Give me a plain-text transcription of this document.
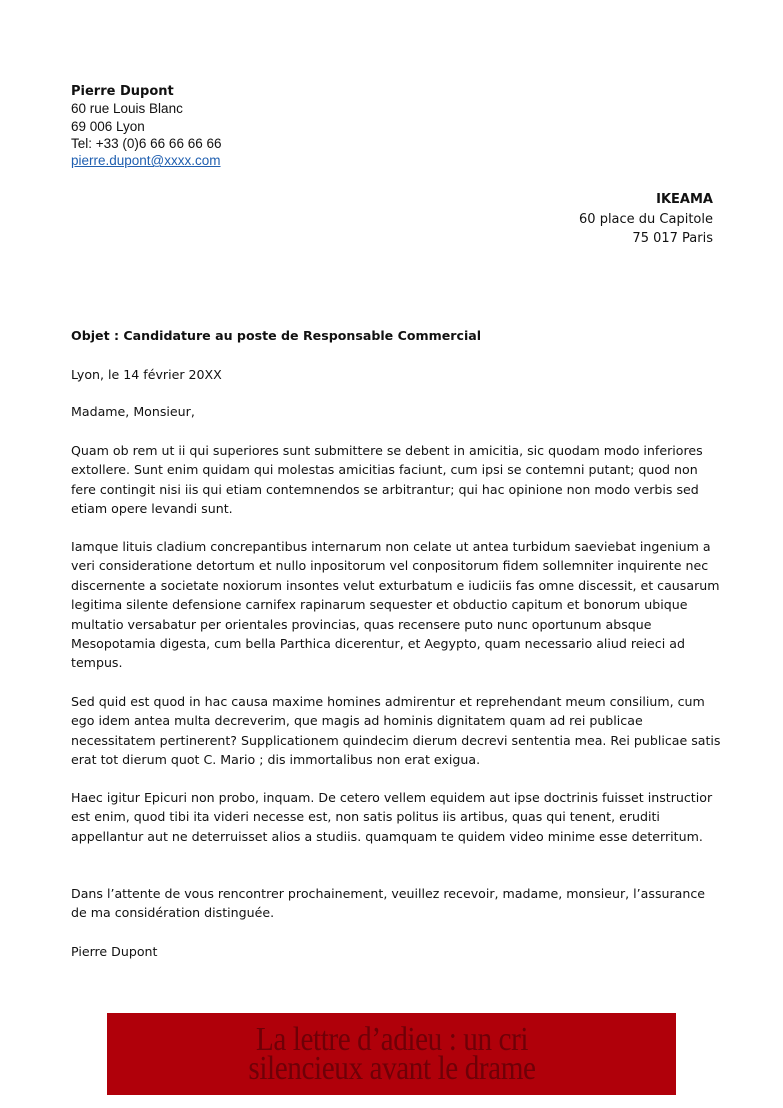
Pierre Dupont
60 rue Louis Blanc
69 006 Lyon
Tel: +33 (0)6 66 66 66 66
pierre.dupont@xxxx.com
IKEAMA
60 place du Capitole
75 017 Paris
Objet : Candidature au poste de Responsable Commercial
Lyon, le 14 février 20XX
Madame, Monsieur,
Quam ob rem ut ii qui superiores sunt submittere se debent in amicitia, sic quodam modo inferiores extollere. Sunt enim quidam qui molestas amicitias faciunt, cum ipsi se contemni putant; quod non fere contingit nisi iis qui etiam contemnendos se arbitrantur; qui hac opinione non modo verbis sed etiam opere levandi sunt.
Iamque lituis cladium concrepantibus internarum non celate ut antea turbidum saeviebat ingenium a veri consideratione detortum et nullo inpositorum vel conpositorum fidem sollemniter inquirente nec discernente a societate noxiorum insontes velut exturbatum e iudiciis fas omne discessit, et causarum legitima silente defensione carnifex rapinarum sequester et obductio capitum et bonorum ubique multatio versabatur per orientales provincias, quas recensere puto nunc oportunum absque Mesopotamia digesta, cum bella Parthica dicerentur, et Aegypto, quam necessario aliud reieci ad tempus.
Sed quid est quod in hac causa maxime homines admirentur et reprehendant meum consilium, cum ego idem antea multa decreverim, que magis ad hominis dignitatem quam ad rei publicae necessitatem pertinerent? Supplicationem quindecim dierum decrevi sententia mea. Rei publicae satis erat tot dierum quot C. Mario ; dis immortalibus non erat exigua.
Haec igitur Epicuri non probo, inquam. De cetero vellem equidem aut ipse doctrinis fuisset instructior est enim, quod tibi ita videri necesse est, non satis politus iis artibus, quas qui tenent, eruditi appellantur aut ne deterruisset alios a studiis. quamquam te quidem video minime esse deterritum.
Dans l’attente de vous rencontrer prochainement, veuillez recevoir, madame, monsieur, l’assurance de ma considération distinguée.
Pierre Dupont
La lettre d’adieu : un cri silencieux avant le drame
